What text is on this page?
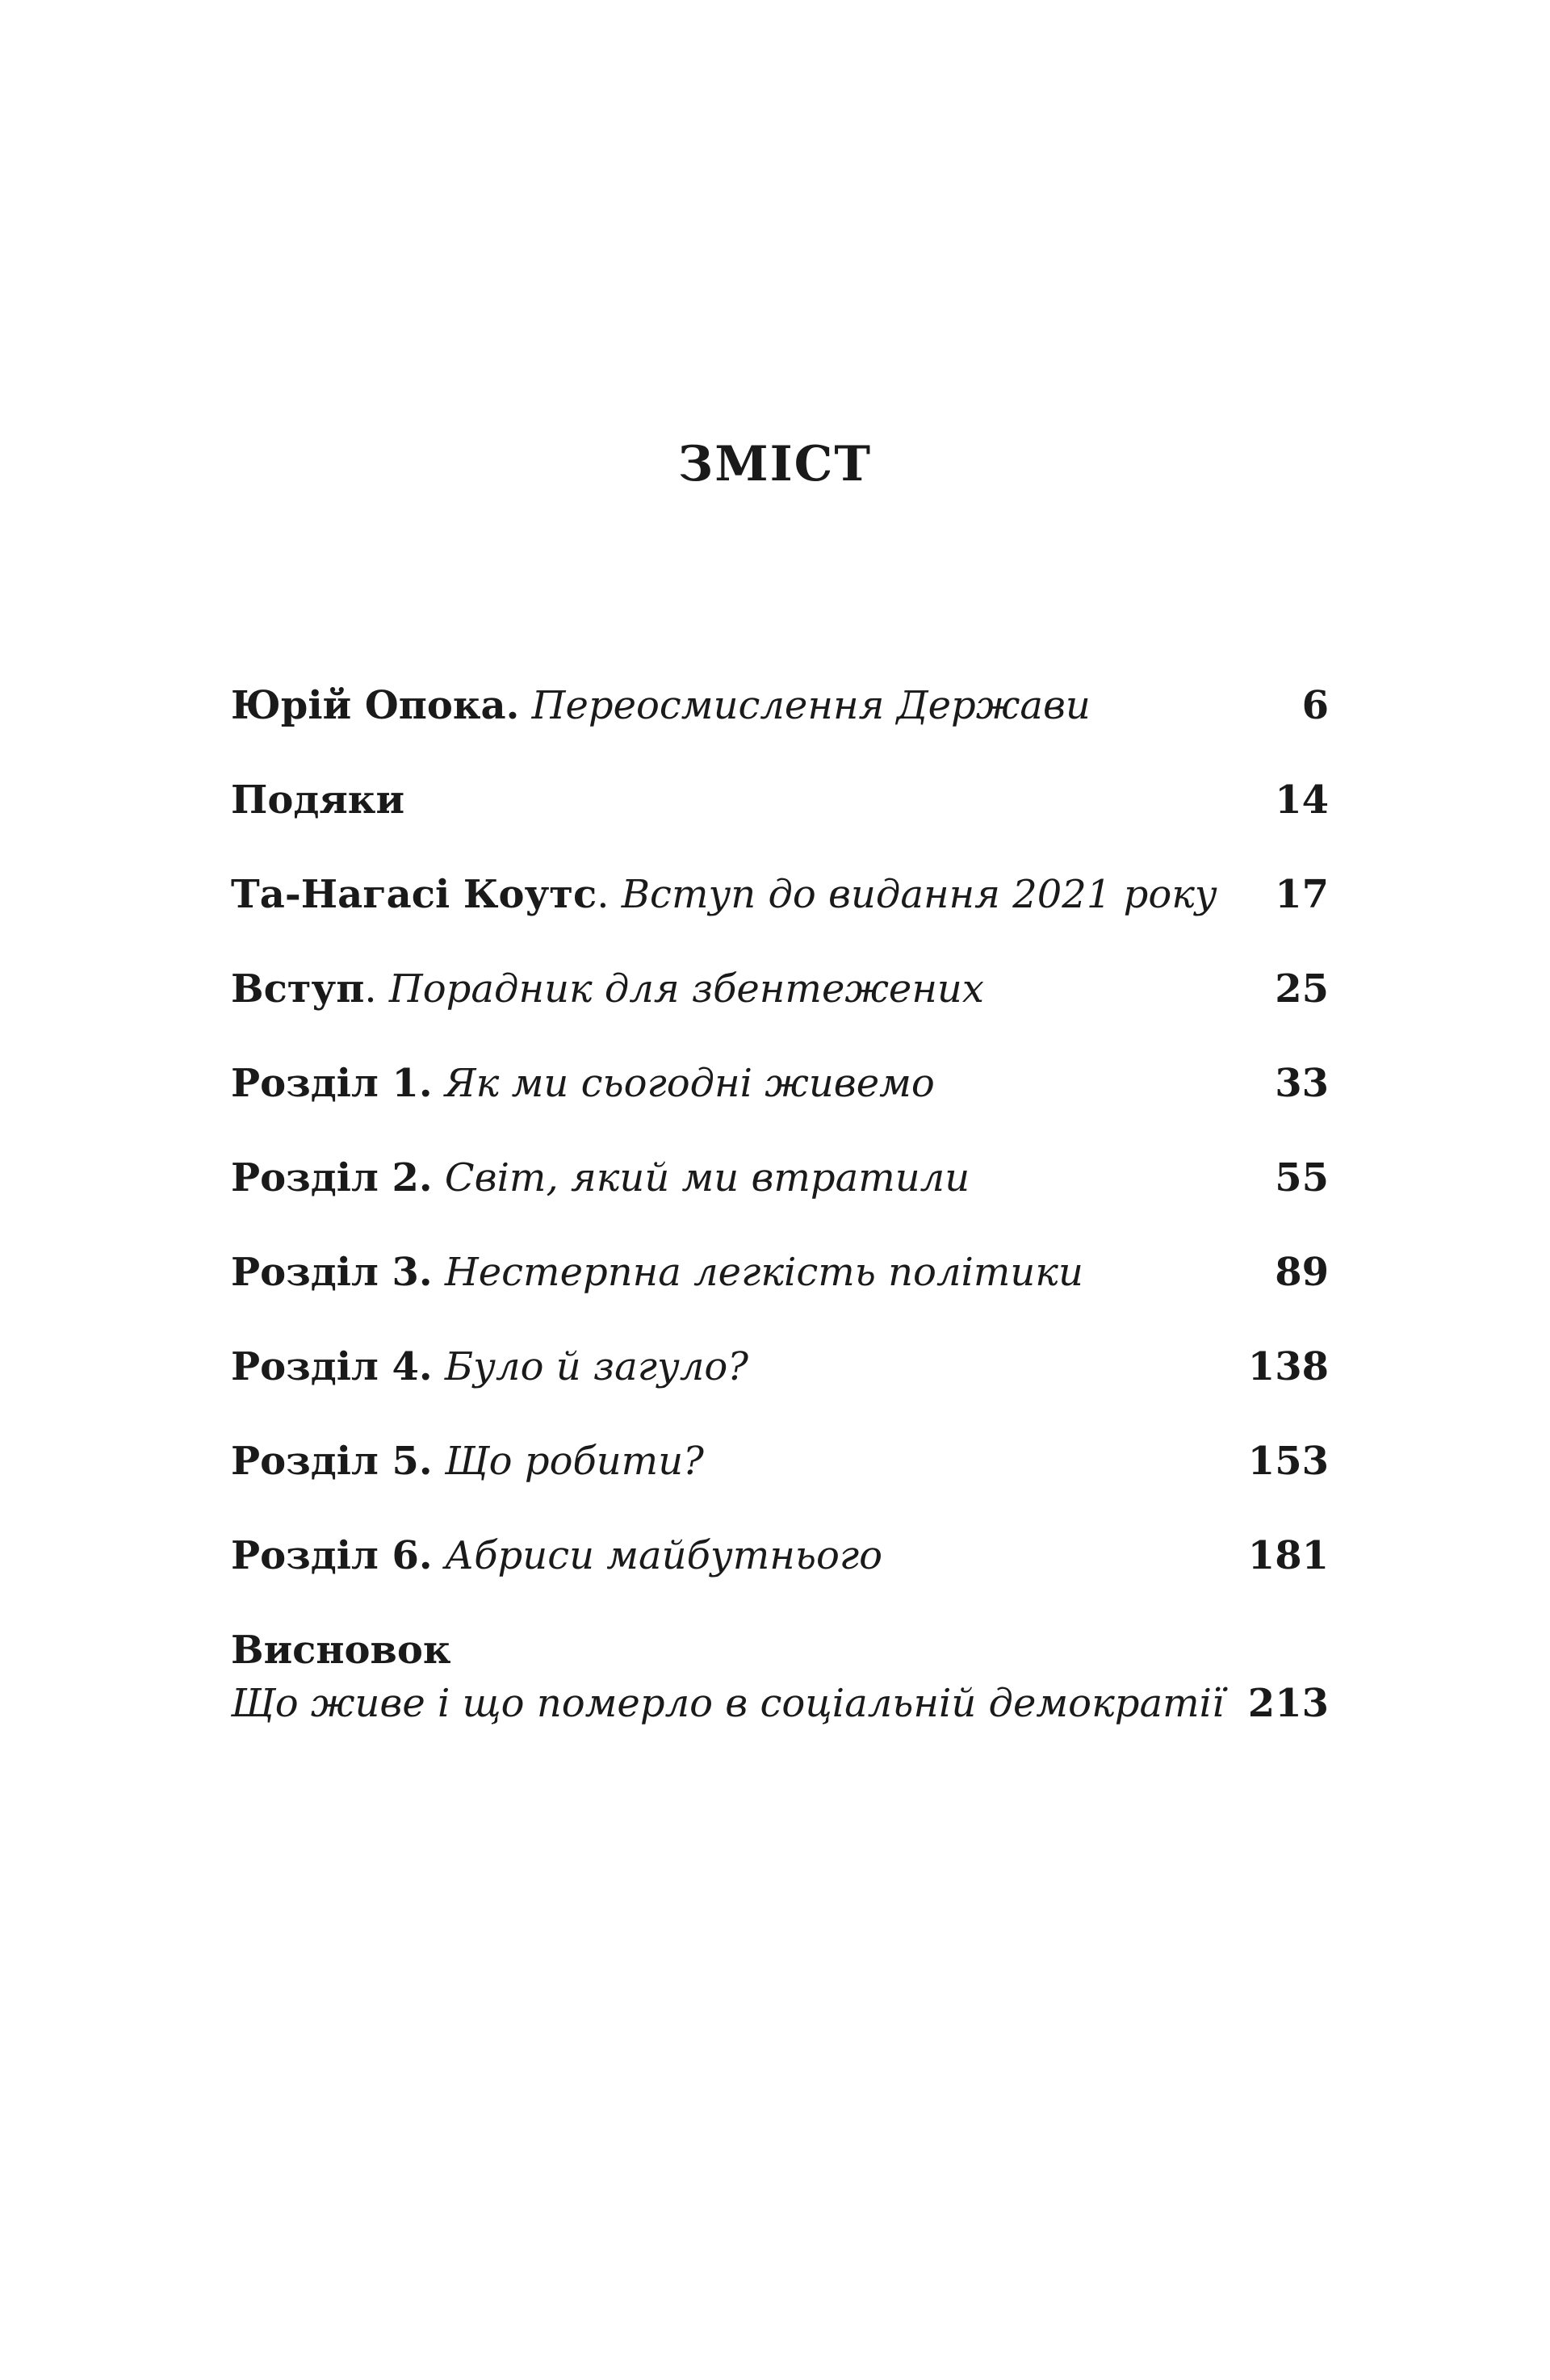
ЗМІСТ
Юрій Опока. Переосмислення Держави	6
Подяки	14
Та-Нагасі Коутс. Вступ до видання 2021 року 17
Вступ. Порадник для збентежених	25
Розділ 1. Як ми сьогодні живемо	33
Розділ 2. Світ, який ми втратили	55
Розділ 3. Нестерпна легкість політики	89
Розділ 4. Було й загуло?	138
Розділ 5. Що робити?	153
Розділ 6. Абриси майбутнього	181
Висновок
Що живе і що померло в соціальній демократії 213
